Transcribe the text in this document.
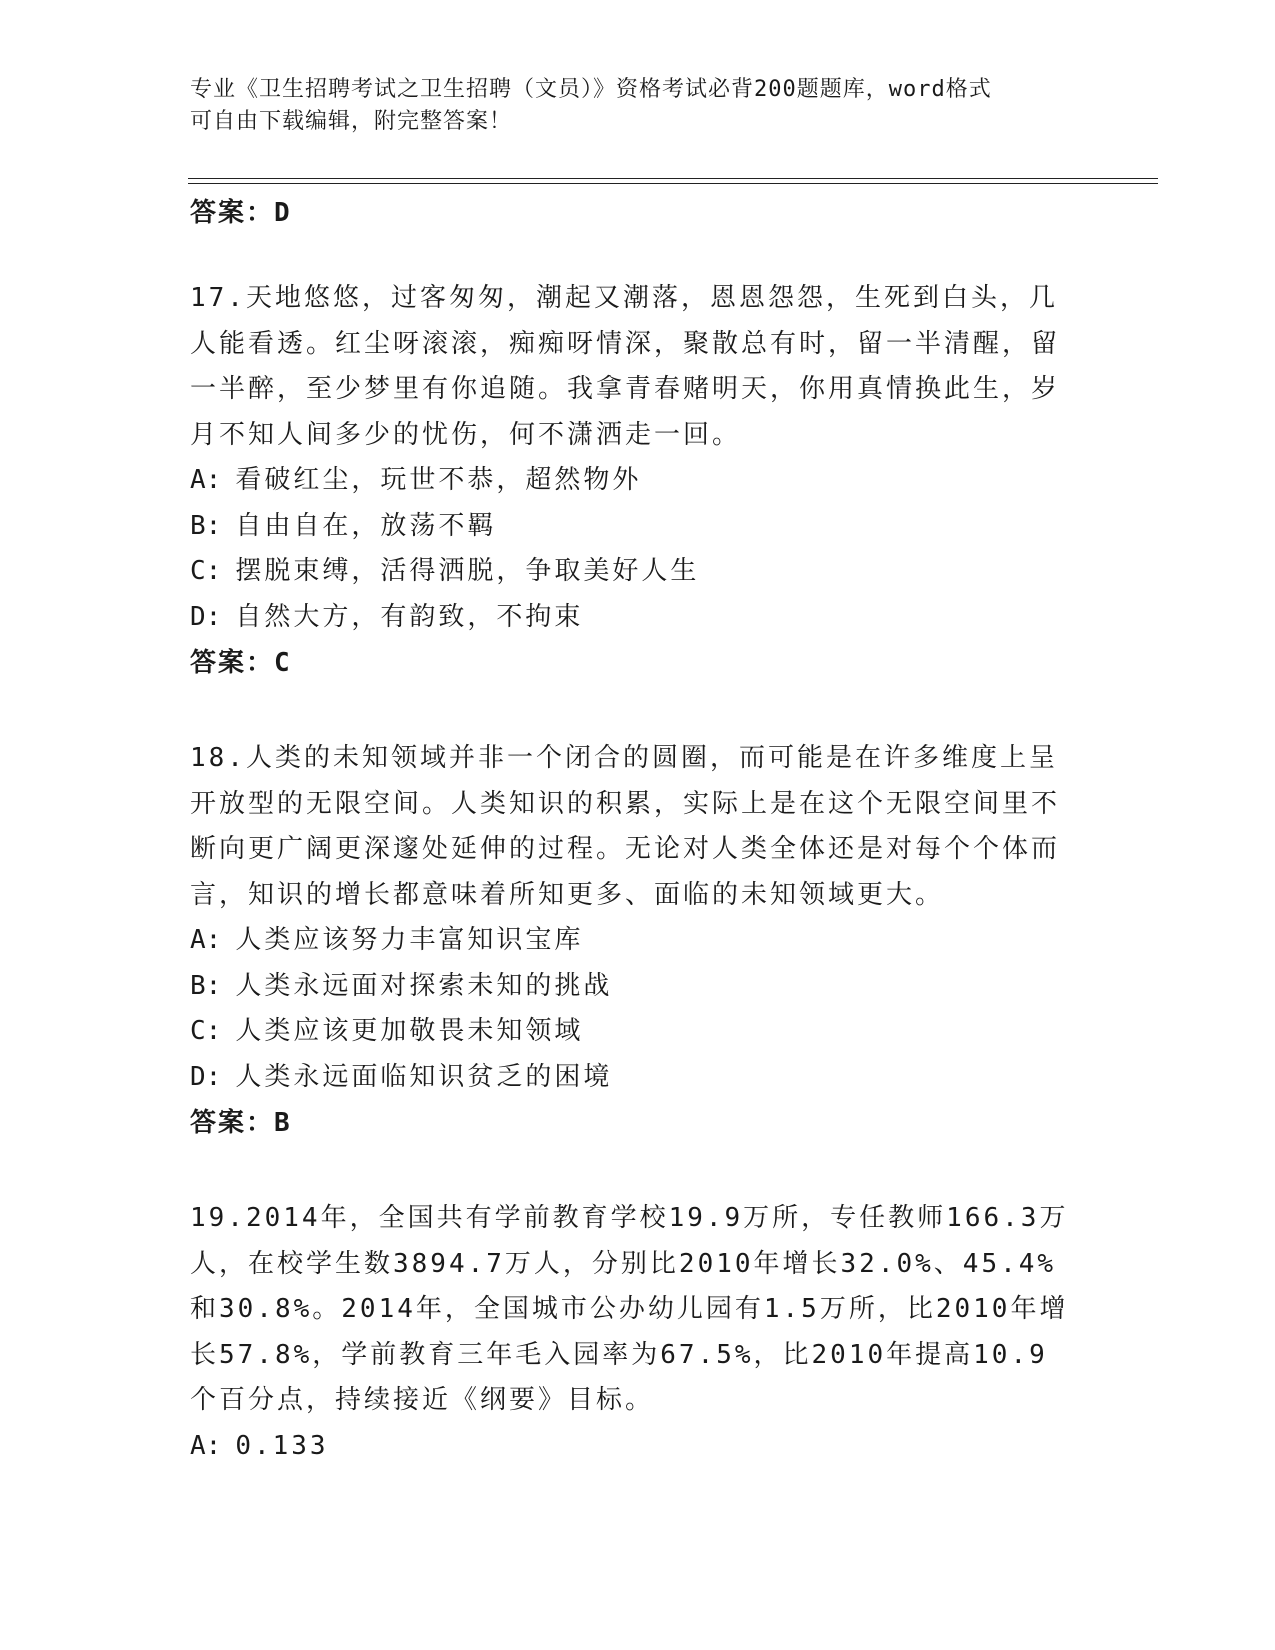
专业《卫生招聘考试之卫生招聘（文员）》资格考试必背200题题库，word格式
可自由下载编辑，附完整答案！

答案：D

17.天地悠悠，过客匆匆，潮起又潮落，恩恩怨怨，生死到白头，几人能看透。红尘呀滚滚，痴痴呀情深，聚散总有时，留一半清醒，留一半醉，至少梦里有你追随。我拿青春赌明天，你用真情换此生，岁月不知人间多少的忧伤，何不潇洒走一回。

A: 看破红尘，玩世不恭，超然物外

B: 自由自在，放荡不羁

C: 摆脱束缚，活得洒脱，争取美好人生

D: 自然大方，有韵致，不拘束

答案：C

18.人类的未知领域并非一个闭合的圆圈，而可能是在许多维度上呈开放型的无限空间。人类知识的积累，实际上是在这个无限空间里不断向更广阔更深邃处延伸的过程。无论对人类全体还是对每个个体而言，知识的增长都意味着所知更多、面临的未知领域更大。

A: 人类应该努力丰富知识宝库

B: 人类永远面对探索未知的挑战

C: 人类应该更加敬畏未知领域

D: 人类永远面临知识贫乏的困境

答案：B

19.2014年，全国共有学前教育学校19.9万所，专任教师166.3万人，在校学生数3894.7万人，分别比2010年增长32.0%、45.4%和30.8%。2014年，全国城市公办幼儿园有1.5万所，比2010年增长57.8%，学前教育三年毛入园率为67.5%，比2010年提高10.9个百分点，持续接近《纲要》目标。

A: 0.133
